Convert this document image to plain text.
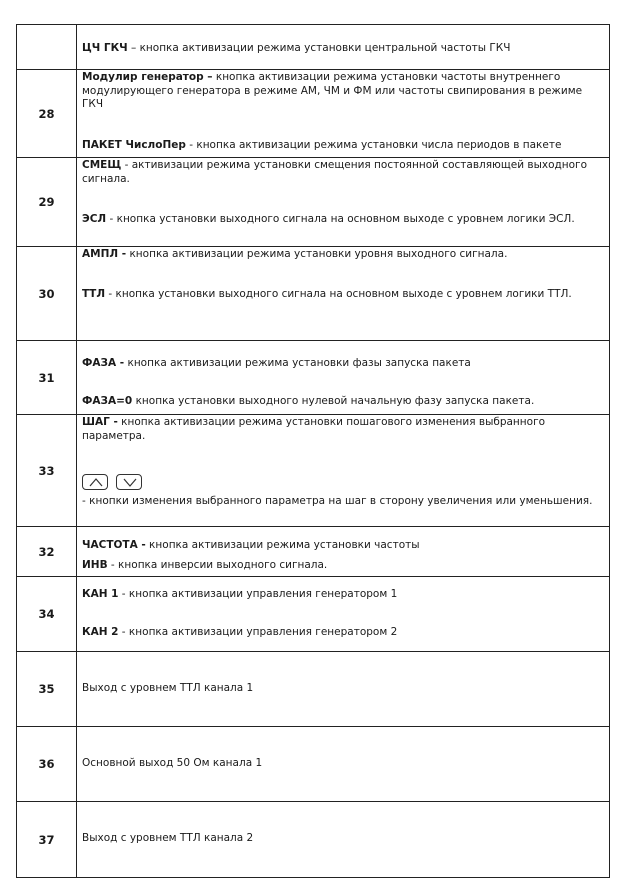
	ЦЧ ГКЧ – кнопка активизации режима установки центральной частоты ГКЧ

28	Модулир генератор – кнопка активизации режима установки частоты внутреннего модулирующего генератора в режиме АМ, ЧМ и ФМ или частоты свипирования в режиме ГКЧ
ПАКЕТ ЧислоПер - кнопка активизации режима установки числа периодов в пакете

29	СМЕЩ - активизации режима установки смещения постоянной составляющей выходного сигнала.
ЭСЛ - кнопка установки выходного сигнала на основном выходе с уровнем логики ЭСЛ.

30	АМПЛ - кнопка активизации режима установки уровня выходного сигнала.
ТТЛ - кнопка установки выходного сигнала на основном выходе с уровнем логики ТТЛ.

31	ФАЗА - кнопка активизации режима установки фазы запуска пакета
ФАЗА=0 кнопка установки выходного нулевой начальную фазу запуска пакета.

33	ШАГ - кнопка активизации режима установки пошагового изменения выбранного параметра.
- кнопки изменения выбранного параметра на шаг в сторону увеличения или уменьшения.

32	ЧАСТОТА - кнопка активизации режима установки частоты
ИНВ - кнопка инверсии выходного сигнала.

34	КАН 1 - кнопка активизации управления генератором 1
КАН 2 - кнопка активизации управления генератором 2

35	Выход с уровнем ТТЛ канала 1

36	Основной выход 50 Ом канала 1

37	Выход с уровнем ТТЛ канала 2
